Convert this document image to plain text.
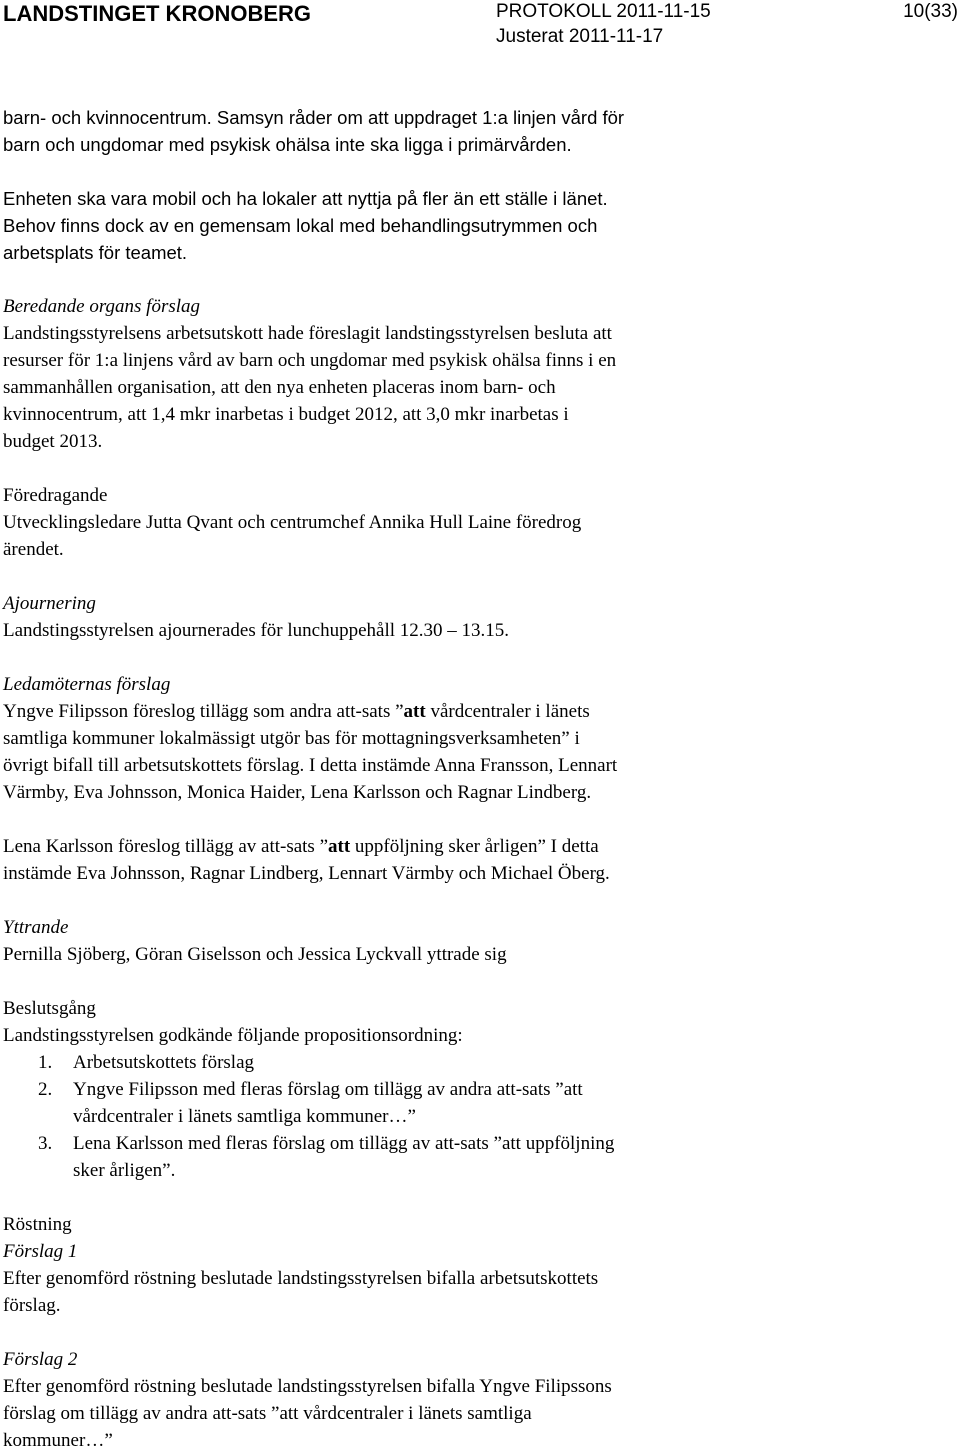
LANDSTINGET KRONOBERG	PROTOKOLL 2011-11-15
Justerat 2011-11-17
10(33)

barn- och kvinnocentrum. Samsyn råder om att uppdraget 1:a linjen vård för

barn och ungdomar med psykisk ohälsa inte ska ligga i primärvården.

Enheten ska vara mobil och ha lokaler att nyttja på fler än ett ställe i länet.

Behov finns dock av en gemensam lokal med behandlingsutrymmen och

arbetsplats för teamet.

Beredande organs förslag

Landstingsstyrelsens arbetsutskott hade föreslagit landstingsstyrelsen besluta att

resurser för 1:a linjens vård av barn och ungdomar med psykisk ohälsa finns i en

sammanhållen organisation, att den nya enheten placeras inom barn- och

kvinnocentrum, att 1,4 mkr inarbetas i budget 2012, att 3,0 mkr inarbetas i

budget 2013.

Föredragande

Utvecklingsledare Jutta Qvant och centrumchef Annika Hull Laine föredrog

ärendet.

Ajournering

Landstingsstyrelsen ajournerades för lunchuppehåll 12.30 – 13.15.

Ledamöternas förslag

Yngve Filipsson föreslog tillägg som andra att-sats ”att vårdcentraler i länets

samtliga kommuner lokalmässigt utgör bas för mottagningsverksamheten” i

övrigt bifall till arbetsutskottets förslag. I detta instämde Anna Fransson, Lennart

Värmby, Eva Johnsson, Monica Haider, Lena Karlsson och Ragnar Lindberg.

Lena Karlsson föreslog tillägg av att-sats ”att uppföljning sker årligen” I detta

instämde Eva Johnsson, Ragnar Lindberg, Lennart Värmby och Michael Öberg.

Yttrande

Pernilla Sjöberg, Göran Giselsson och Jessica Lyckvall yttrade sig

Beslutsgång

Landstingsstyrelsen godkände följande propositionsordning:

1.	Arbetsutskottets förslag
2.	Yngve Filipsson med fleras förslag om tillägg av andra att-sats ”att
vårdcentraler i länets samtliga kommuner…”
3.	Lena Karlsson med fleras förslag om tillägg av att-sats ”att uppföljning
sker årligen”.

Röstning

Förslag 1

Efter genomförd röstning beslutade landstingsstyrelsen bifalla arbetsutskottets

förslag.

Förslag 2

Efter genomförd röstning beslutade landstingsstyrelsen bifalla Yngve Filipssons

förslag om tillägg av andra att-sats ”att vårdcentraler i länets samtliga

kommuner…”
